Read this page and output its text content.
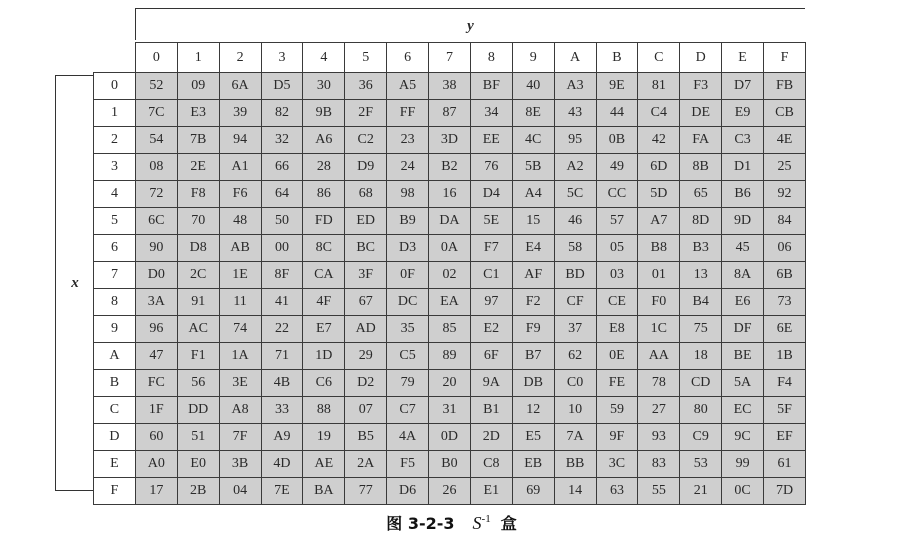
y
x
	0	1	2	3	4	5	6	7	8	9	A	B	C	D	E	F
0	52	09	6A	D5	30	36	A5	38	BF	40	A3	9E	81	F3	D7	FB
1	7C	E3	39	82	9B	2F	FF	87	34	8E	43	44	C4	DE	E9	CB
2	54	7B	94	32	A6	C2	23	3D	EE	4C	95	0B	42	FA	C3	4E
3	08	2E	A1	66	28	D9	24	B2	76	5B	A2	49	6D	8B	D1	25
4	72	F8	F6	64	86	68	98	16	D4	A4	5C	CC	5D	65	B6	92
5	6C	70	48	50	FD	ED	B9	DA	5E	15	46	57	A7	8D	9D	84
6	90	D8	AB	00	8C	BC	D3	0A	F7	E4	58	05	B8	B3	45	06
7	D0	2C	1E	8F	CA	3F	0F	02	C1	AF	BD	03	01	13	8A	6B
8	3A	91	11	41	4F	67	DC	EA	97	F2	CF	CE	F0	B4	E6	73
9	96	AC	74	22	E7	AD	35	85	E2	F9	37	E8	1C	75	DF	6E
A	47	F1	1A	71	1D	29	C5	89	6F	B7	62	0E	AA	18	BE	1B
B	FC	56	3E	4B	C6	D2	79	20	9A	DB	C0	FE	78	CD	5A	F4
C	1F	DD	A8	33	88	07	C7	31	B1	12	10	59	27	80	EC	5F
D	60	51	7F	A9	19	B5	4A	0D	2D	E5	7A	9F	93	C9	9C	EF
E	A0	E0	3B	4D	AE	2A	F5	B0	C8	EB	BB	3C	83	53	99	61
F	17	2B	04	7E	BA	77	D6	26	E1	69	14	63	55	21	0C	7D
图 3-2-3 $S^{-1}$ 盒
